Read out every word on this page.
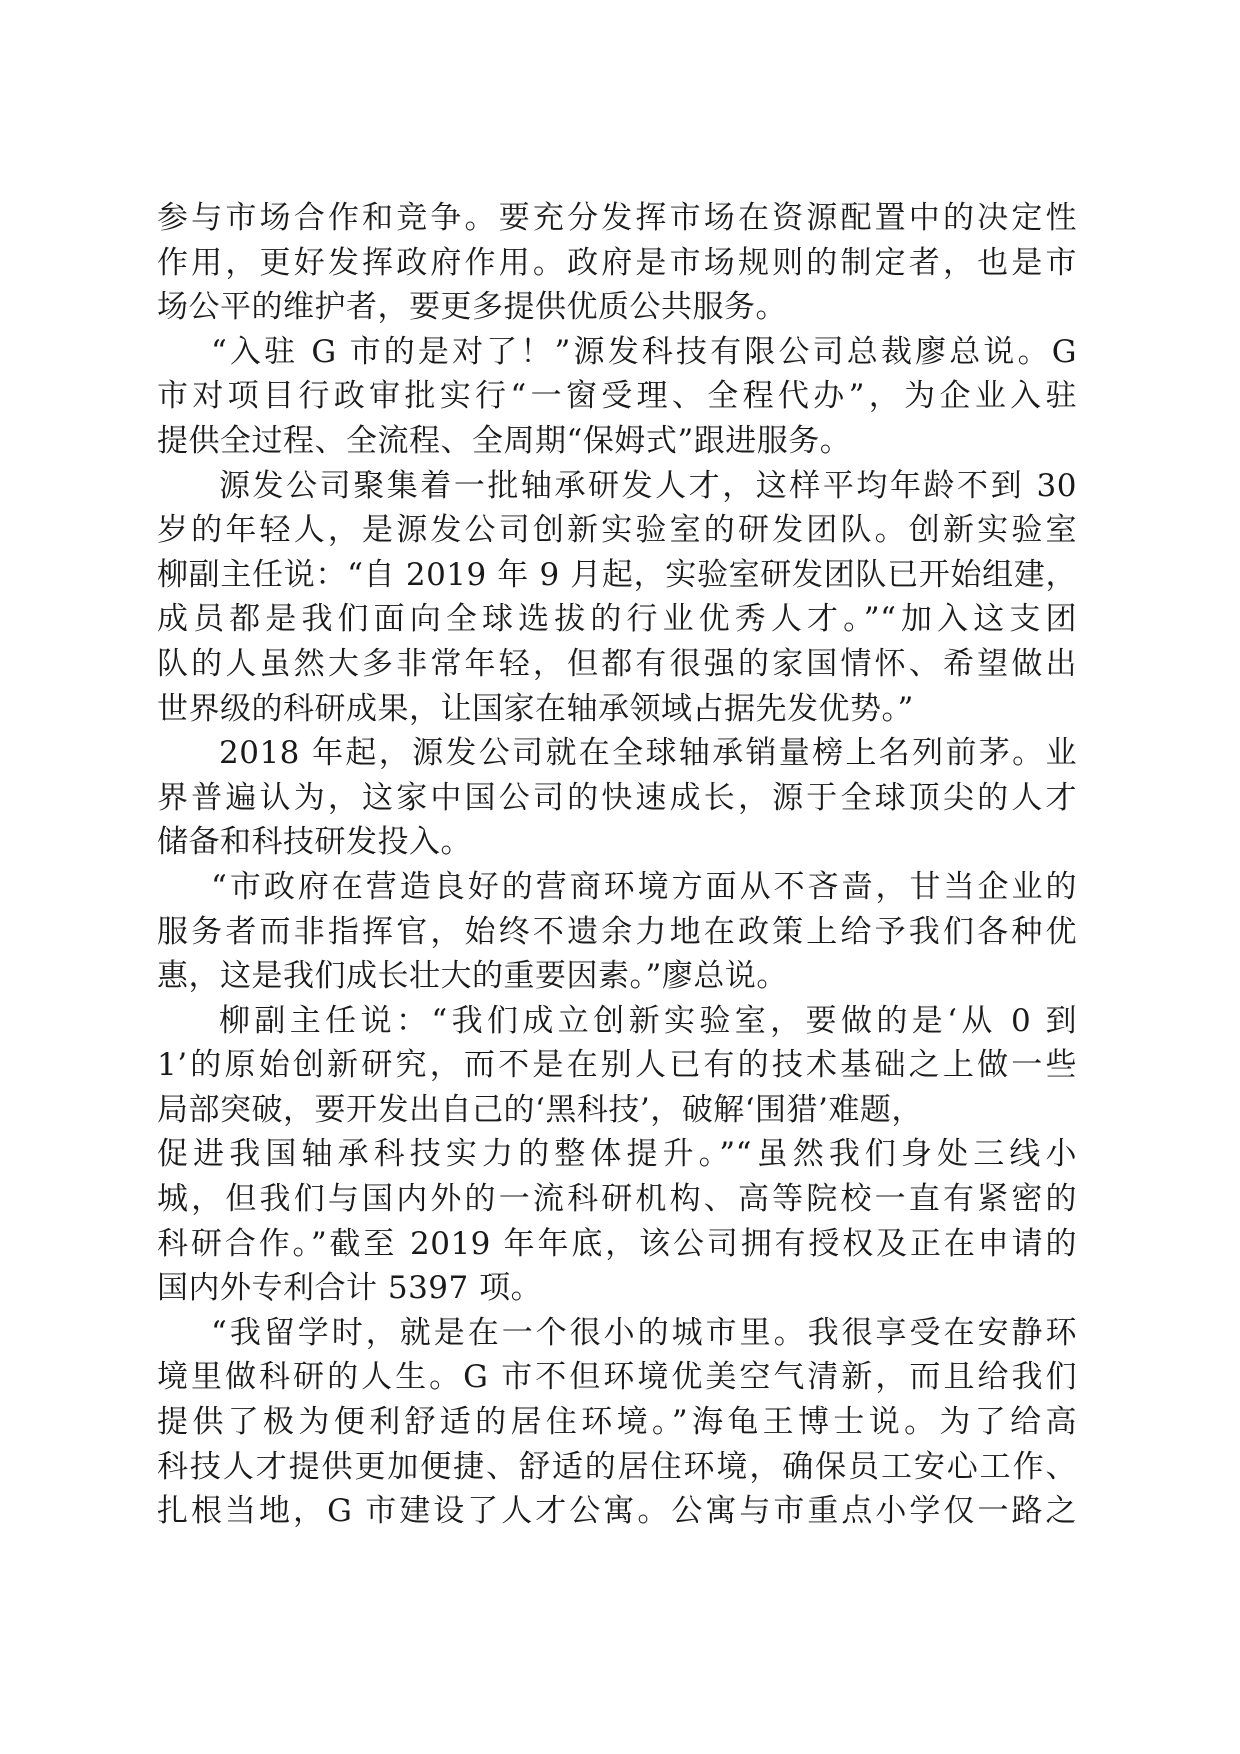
参与市场合作和竞争。要充分发挥市场在资源配置中的决定性
作用，更好发挥政府作用。政府是市场规则的制定者，也是市
场公平的维护者，要更多提供优质公共服务。
“入驻 G 市的是对了！”源发科技有限公司总裁廖总说。G
市对项目行政审批实行“一窗受理、全程代办”，为企业入驻
提供全过程、全流程、全周期“保姆式”跟进服务。
源发公司聚集着一批轴承研发人才，这样平均年龄不到 30
岁的年轻人，是源发公司创新实验室的研发团队。创新实验室
柳副主任说：“自 2019 年 9 月起，实验室研发团队已开始组建，
成员都是我们面向全球选拔的行业优秀人才。”“加入这支团
队的人虽然大多非常年轻，但都有很强的家国情怀、希望做出
世界级的科研成果，让国家在轴承领域占据先发优势。”
2018 年起，源发公司就在全球轴承销量榜上名列前茅。业
界普遍认为，这家中国公司的快速成长，源于全球顶尖的人才
储备和科技研发投入。
“市政府在营造良好的营商环境方面从不吝啬，甘当企业的
服务者而非指挥官，始终不遗余力地在政策上给予我们各种优
惠，这是我们成长壮大的重要因素。”廖总说。
柳副主任说：“我们成立创新实验室，要做的是‘从 0 到
1’的原始创新研究，而不是在别人已有的技术基础之上做一些
局部突破，要开发出自己的‘黑科技’，破解‘围猎’难题，
促进我国轴承科技实力的整体提升。”“虽然我们身处三线小
城，但我们与国内外的一流科研机构、高等院校一直有紧密的
科研合作。”截至 2019 年年底，该公司拥有授权及正在申请的
国内外专利合计 5397 项。
“我留学时，就是在一个很小的城市里。我很享受在安静环
境里做科研的人生。G 市不但环境优美空气清新，而且给我们
提供了极为便利舒适的居住环境。”海龟王博士说。为了给高
科技人才提供更加便捷、舒适的居住环境，确保员工安心工作、
扎根当地，G 市建设了人才公寓。公寓与市重点小学仅一路之
